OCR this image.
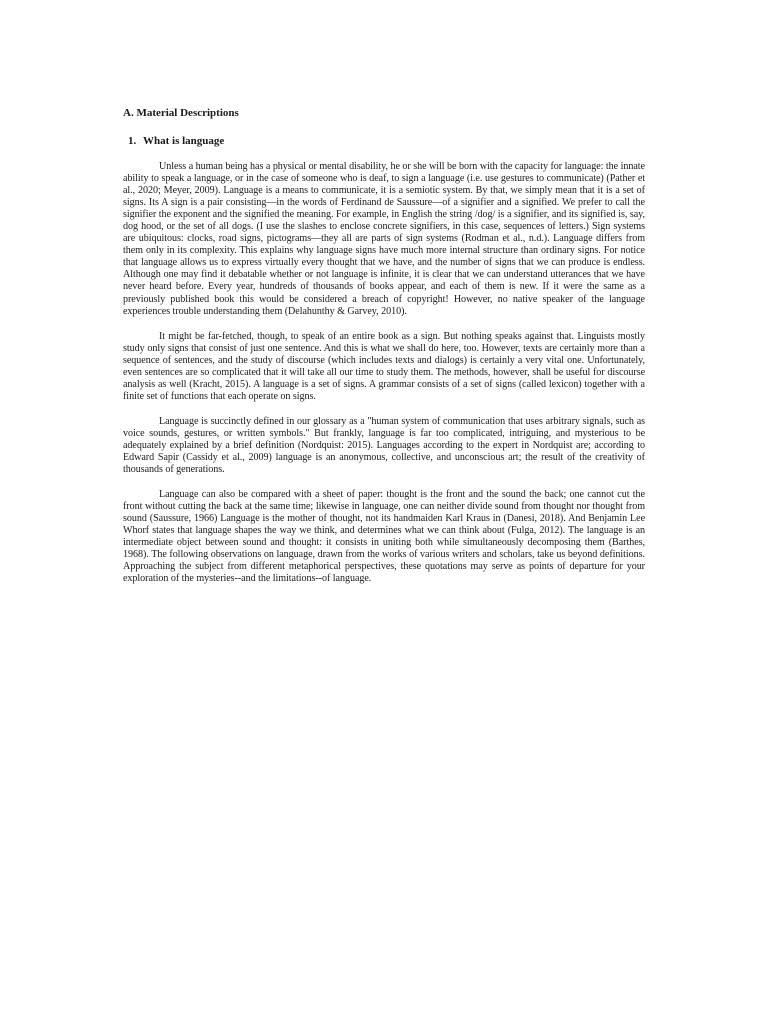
A. Material Descriptions
1. What is language

Unless a human being has a physical or mental disability, he or she will be born with the capacity for language: the innate ability to speak a language, or in the case of someone who is deaf, to sign a language (i.e. use gestures to communicate) (Pather et al., 2020; Meyer, 2009). Language is a means to communicate, it is a semiotic system. By that, we simply mean that it is a set of signs. Its A sign is a pair consisting—in the words of Ferdinand de Saussure—of a signifier and a signified. We prefer to call the signifier the exponent and the signified the meaning. For example, in English the string /dog/ is a signifier, and its signified is, say, dog hood, or the set of all dogs. (I use the slashes to enclose concrete signifiers, in this case, sequences of letters.) Sign systems are ubiquitous: clocks, road signs, pictograms—they all are parts of sign systems (Rodman et al., n.d.). Language differs from them only in its complexity. This explains why language signs have much more internal structure than ordinary signs. For notice that language allows us to express virtually every thought that we have, and the number of signs that we can produce is endless. Although one may find it debatable whether or not language is infinite, it is clear that we can understand utterances that we have never heard before. Every year, hundreds of thousands of books appear, and each of them is new. If it were the same as a previously published book this would be considered a breach of copyright! However, no native speaker of the language experiences trouble understanding them (Delahunthy & Garvey, 2010).

It might be far-fetched, though, to speak of an entire book as a sign. But nothing speaks against that. Linguists mostly study only signs that consist of just one sentence. And this is what we shall do here, too. However, texts are certainly more than a sequence of sentences, and the study of discourse (which includes texts and dialogs) is certainly a very vital one. Unfortunately, even sentences are so complicated that it will take all our time to study them. The methods, however, shall be useful for discourse analysis as well (Kracht, 2015). A language is a set of signs. A grammar consists of a set of signs (called lexicon) together with a finite set of functions that each operate on signs.

Language is succinctly defined in our glossary as a "human system of communication that uses arbitrary signals, such as voice sounds, gestures, or written symbols." But frankly, language is far too complicated, intriguing, and mysterious to be adequately explained by a brief definition (Nordquist: 2015). Languages according to the expert in Nordquist are; according to Edward Sapir (Cassidy et al., 2009) language is an anonymous, collective, and unconscious art; the result of the creativity of thousands of generations.

Language can also be compared with a sheet of paper: thought is the front and the sound the back; one cannot cut the front without cutting the back at the same time; likewise in language, one can neither divide sound from thought nor thought from sound (Saussure, 1966) Language is the mother of thought, not its handmaiden Karl Kraus in (Danesi, 2018). And Benjamin Lee Whorf states that language shapes the way we think, and determines what we can think about (Fulga, 2012). The language is an intermediate object between sound and thought: it consists in uniting both while simultaneously decomposing them (Barthes, 1968). The following observations on language, drawn from the works of various writers and scholars, take us beyond definitions. Approaching the subject from different metaphorical perspectives, these quotations may serve as points of departure for your exploration of the mysteries--and the limitations--of language.
